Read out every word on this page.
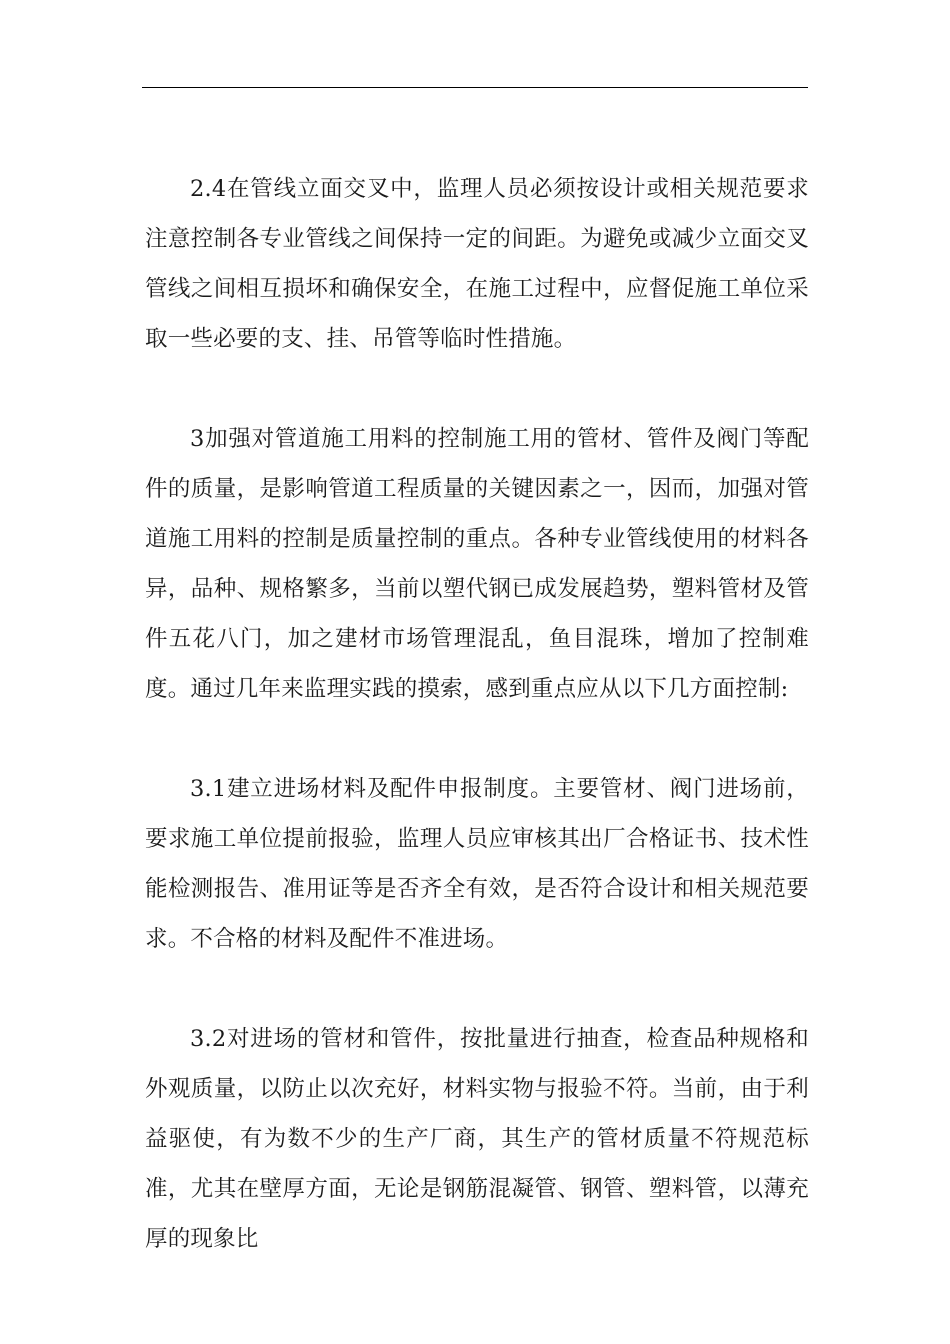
2.4在管线立面交叉中，监理人员必须按设计或相关规范要求注意控制各专业管线之间保持一定的间距。为避免或减少立面交叉管线之间相互损坏和确保安全，在施工过程中，应督促施工单位采取一些必要的支、挂、吊管等临时性措施。

3加强对管道施工用料的控制施工用的管材、管件及阀门等配件的质量，是影响管道工程质量的关键因素之一，因而，加强对管道施工用料的控制是质量控制的重点。各种专业管线使用的材料各异，品种、规格繁多，当前以塑代钢已成发展趋势，塑料管材及管件五花八门，加之建材市场管理混乱，鱼目混珠，增加了控制难度。通过几年来监理实践的摸索，感到重点应从以下几方面控制:

3.1建立进场材料及配件申报制度。主要管材、阀门进场前，要求施工单位提前报验，监理人员应审核其出厂合格证书、技术性能检测报告、准用证等是否齐全有效，是否符合设计和相关规范要求。不合格的材料及配件不准进场。

3.2对进场的管材和管件，按批量进行抽查，检查品种规格和外观质量，以防止以次充好，材料实物与报验不符。当前，由于利益驱使，有为数不少的生产厂商，其生产的管材质量不符规范标准，尤其在壁厚方面，无论是钢筋混凝管、钢管、塑料管，以薄充厚的现象比
